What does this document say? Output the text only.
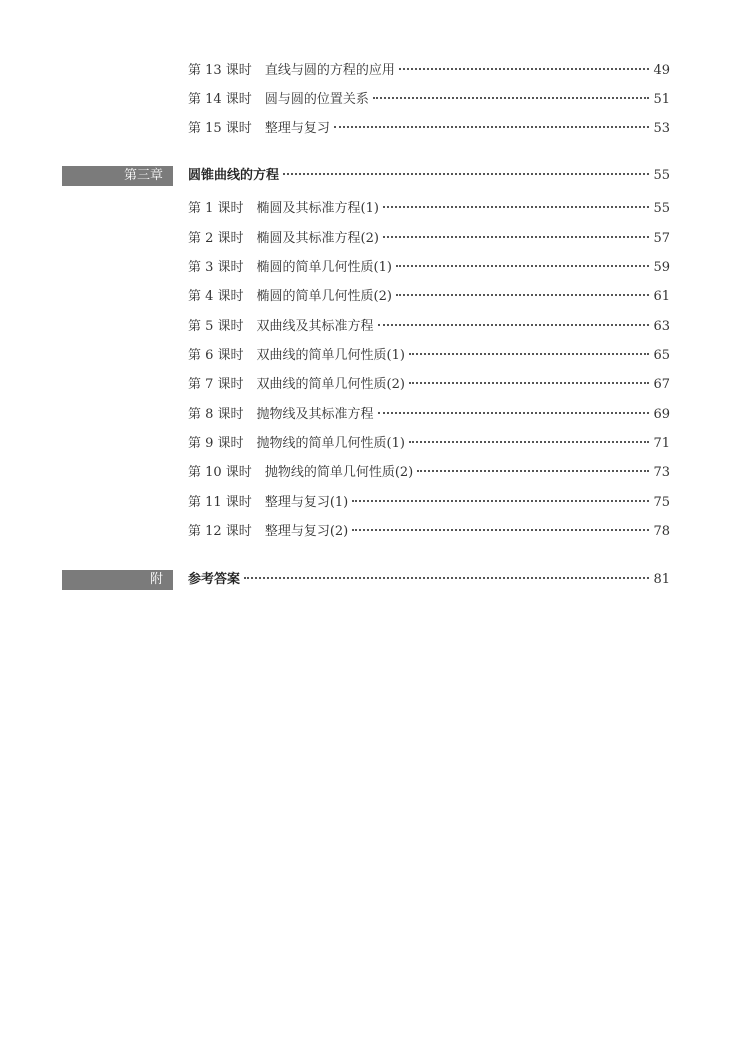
第 13 课时 直线与圆的方程的应用	49
第 14 课时 圆与圆的位置关系	51
第 15 课时 整理与复习	53
第三章	圆锥曲线的方程	55
第 1 课时 椭圆及其标准方程(1)	55
第 2 课时 椭圆及其标准方程(2)	57
第 3 课时 椭圆的简单几何性质(1)	59
第 4 课时 椭圆的简单几何性质(2)	61
第 5 课时 双曲线及其标准方程	63
第 6 课时 双曲线的简单几何性质(1)	65
第 7 课时 双曲线的简单几何性质(2)	67
第 8 课时 抛物线及其标准方程	69
第 9 课时 抛物线的简单几何性质(1)	71
第 10 课时 抛物线的简单几何性质(2)	73
第 11 课时 整理与复习(1)	75
第 12 课时 整理与复习(2)	78
附	参考答案	81
